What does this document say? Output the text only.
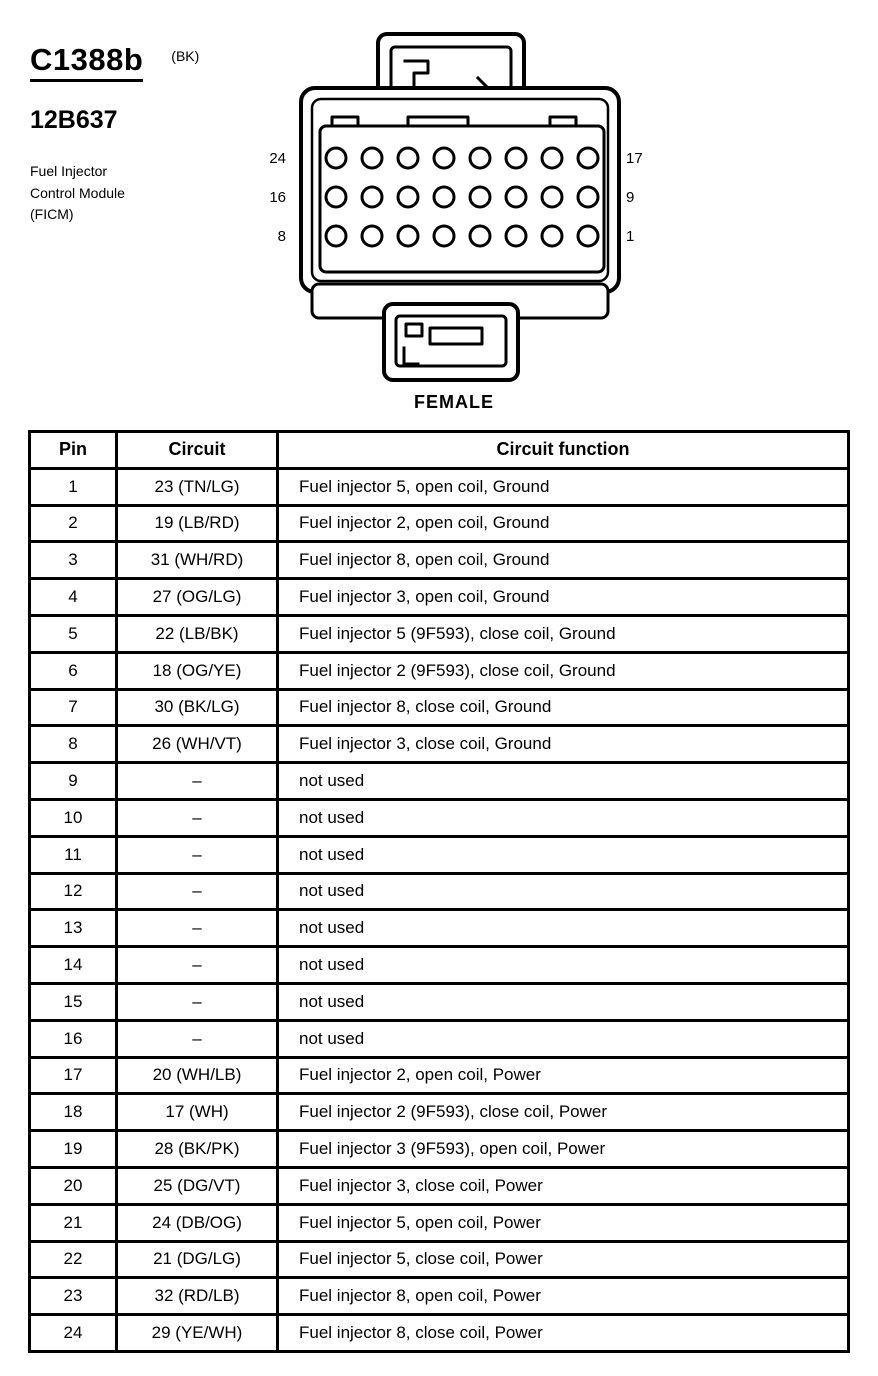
C1388b (BK)
12B637
Fuel Injector
Control Module
(FICM)
24
16
8
17
9
1
FEMALE
Pin	Circuit	Circuit function
1	23 (TN/LG)	Fuel injector 5, open coil, Ground
2	19 (LB/RD)	Fuel injector 2, open coil, Ground
3	31 (WH/RD)	Fuel injector 8, open coil, Ground
4	27 (OG/LG)	Fuel injector 3, open coil, Ground
5	22 (LB/BK)	Fuel injector 5 (9F593), close coil, Ground
6	18 (OG/YE)	Fuel injector 2 (9F593), close coil, Ground
7	30 (BK/LG)	Fuel injector 8, close coil, Ground
8	26 (WH/VT)	Fuel injector 3, close coil, Ground
9	–	not used
10	–	not used
11	–	not used
12	–	not used
13	–	not used
14	–	not used
15	–	not used
16	–	not used
17	20 (WH/LB)	Fuel injector 2, open coil, Power
18	17 (WH)	Fuel injector 2 (9F593), close coil, Power
19	28 (BK/PK)	Fuel injector 3 (9F593), open coil, Power
20	25 (DG/VT)	Fuel injector 3, close coil, Power
21	24 (DB/OG)	Fuel injector 5, open coil, Power
22	21 (DG/LG)	Fuel injector 5, close coil, Power
23	32 (RD/LB)	Fuel injector 8, open coil, Power
24	29 (YE/WH)	Fuel injector 8, close coil, Power
